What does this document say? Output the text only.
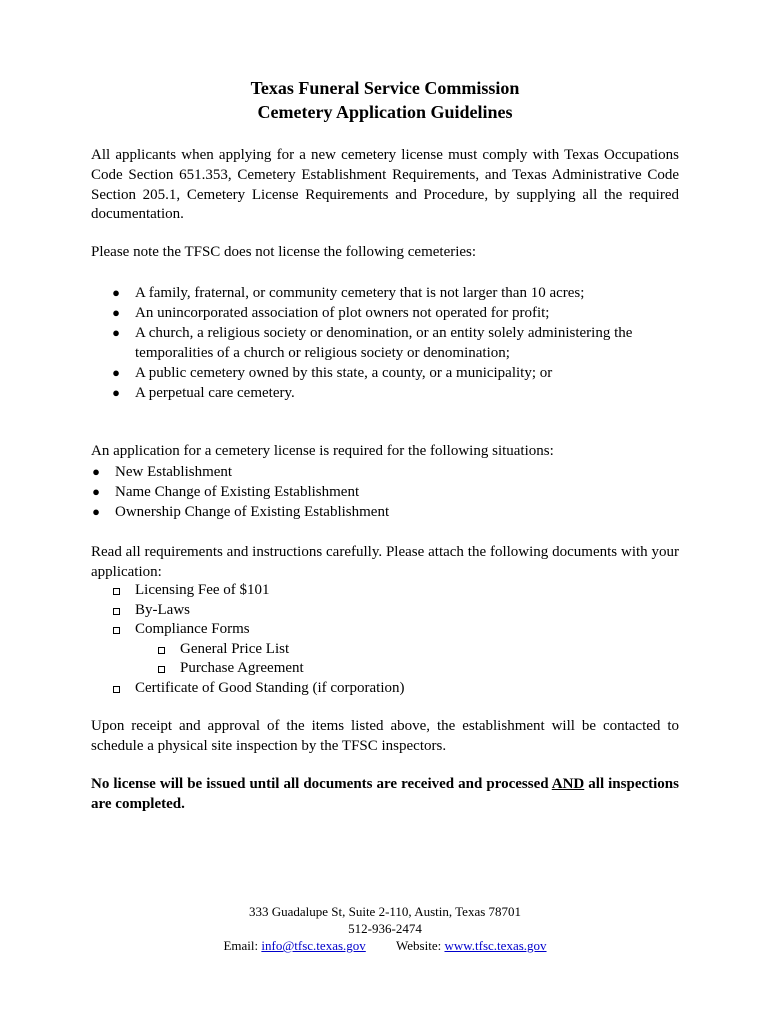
Texas Funeral Service Commission
Cemetery Application Guidelines
All applicants when applying for a new cemetery license must comply with Texas Occupations Code Section 651.353, Cemetery Establishment Requirements, and Texas Administrative Code Section 205.1, Cemetery License Requirements and Procedure, by supplying all the required documentation.
Please note the TFSC does not license the following cemeteries:
● A family, fraternal, or community cemetery that is not larger than 10 acres;
● An unincorporated association of plot owners not operated for profit;
● A church, a religious society or denomination, or an entity solely administering the temporalities of a church or religious society or denomination;
● A public cemetery owned by this state, a county, or a municipality; or
● A perpetual care cemetery.
An application for a cemetery license is required for the following situations:
● New Establishment
● Name Change of Existing Establishment
● Ownership Change of Existing Establishment
Read all requirements and instructions carefully. Please attach the following documents with your application:
Licensing Fee of $101
By-Laws
Compliance Forms
General Price List
Purchase Agreement
Certificate of Good Standing (if corporation)
Upon receipt and approval of the items listed above, the establishment will be contacted to schedule a physical site inspection by the TFSC inspectors.
No license will be issued until all documents are received and processed AND all inspections are completed.
333 Guadalupe St, Suite 2-110, Austin, Texas 78701
512-936-2474
Email: info@tfsc.texas.gov Website: www.tfsc.texas.gov
